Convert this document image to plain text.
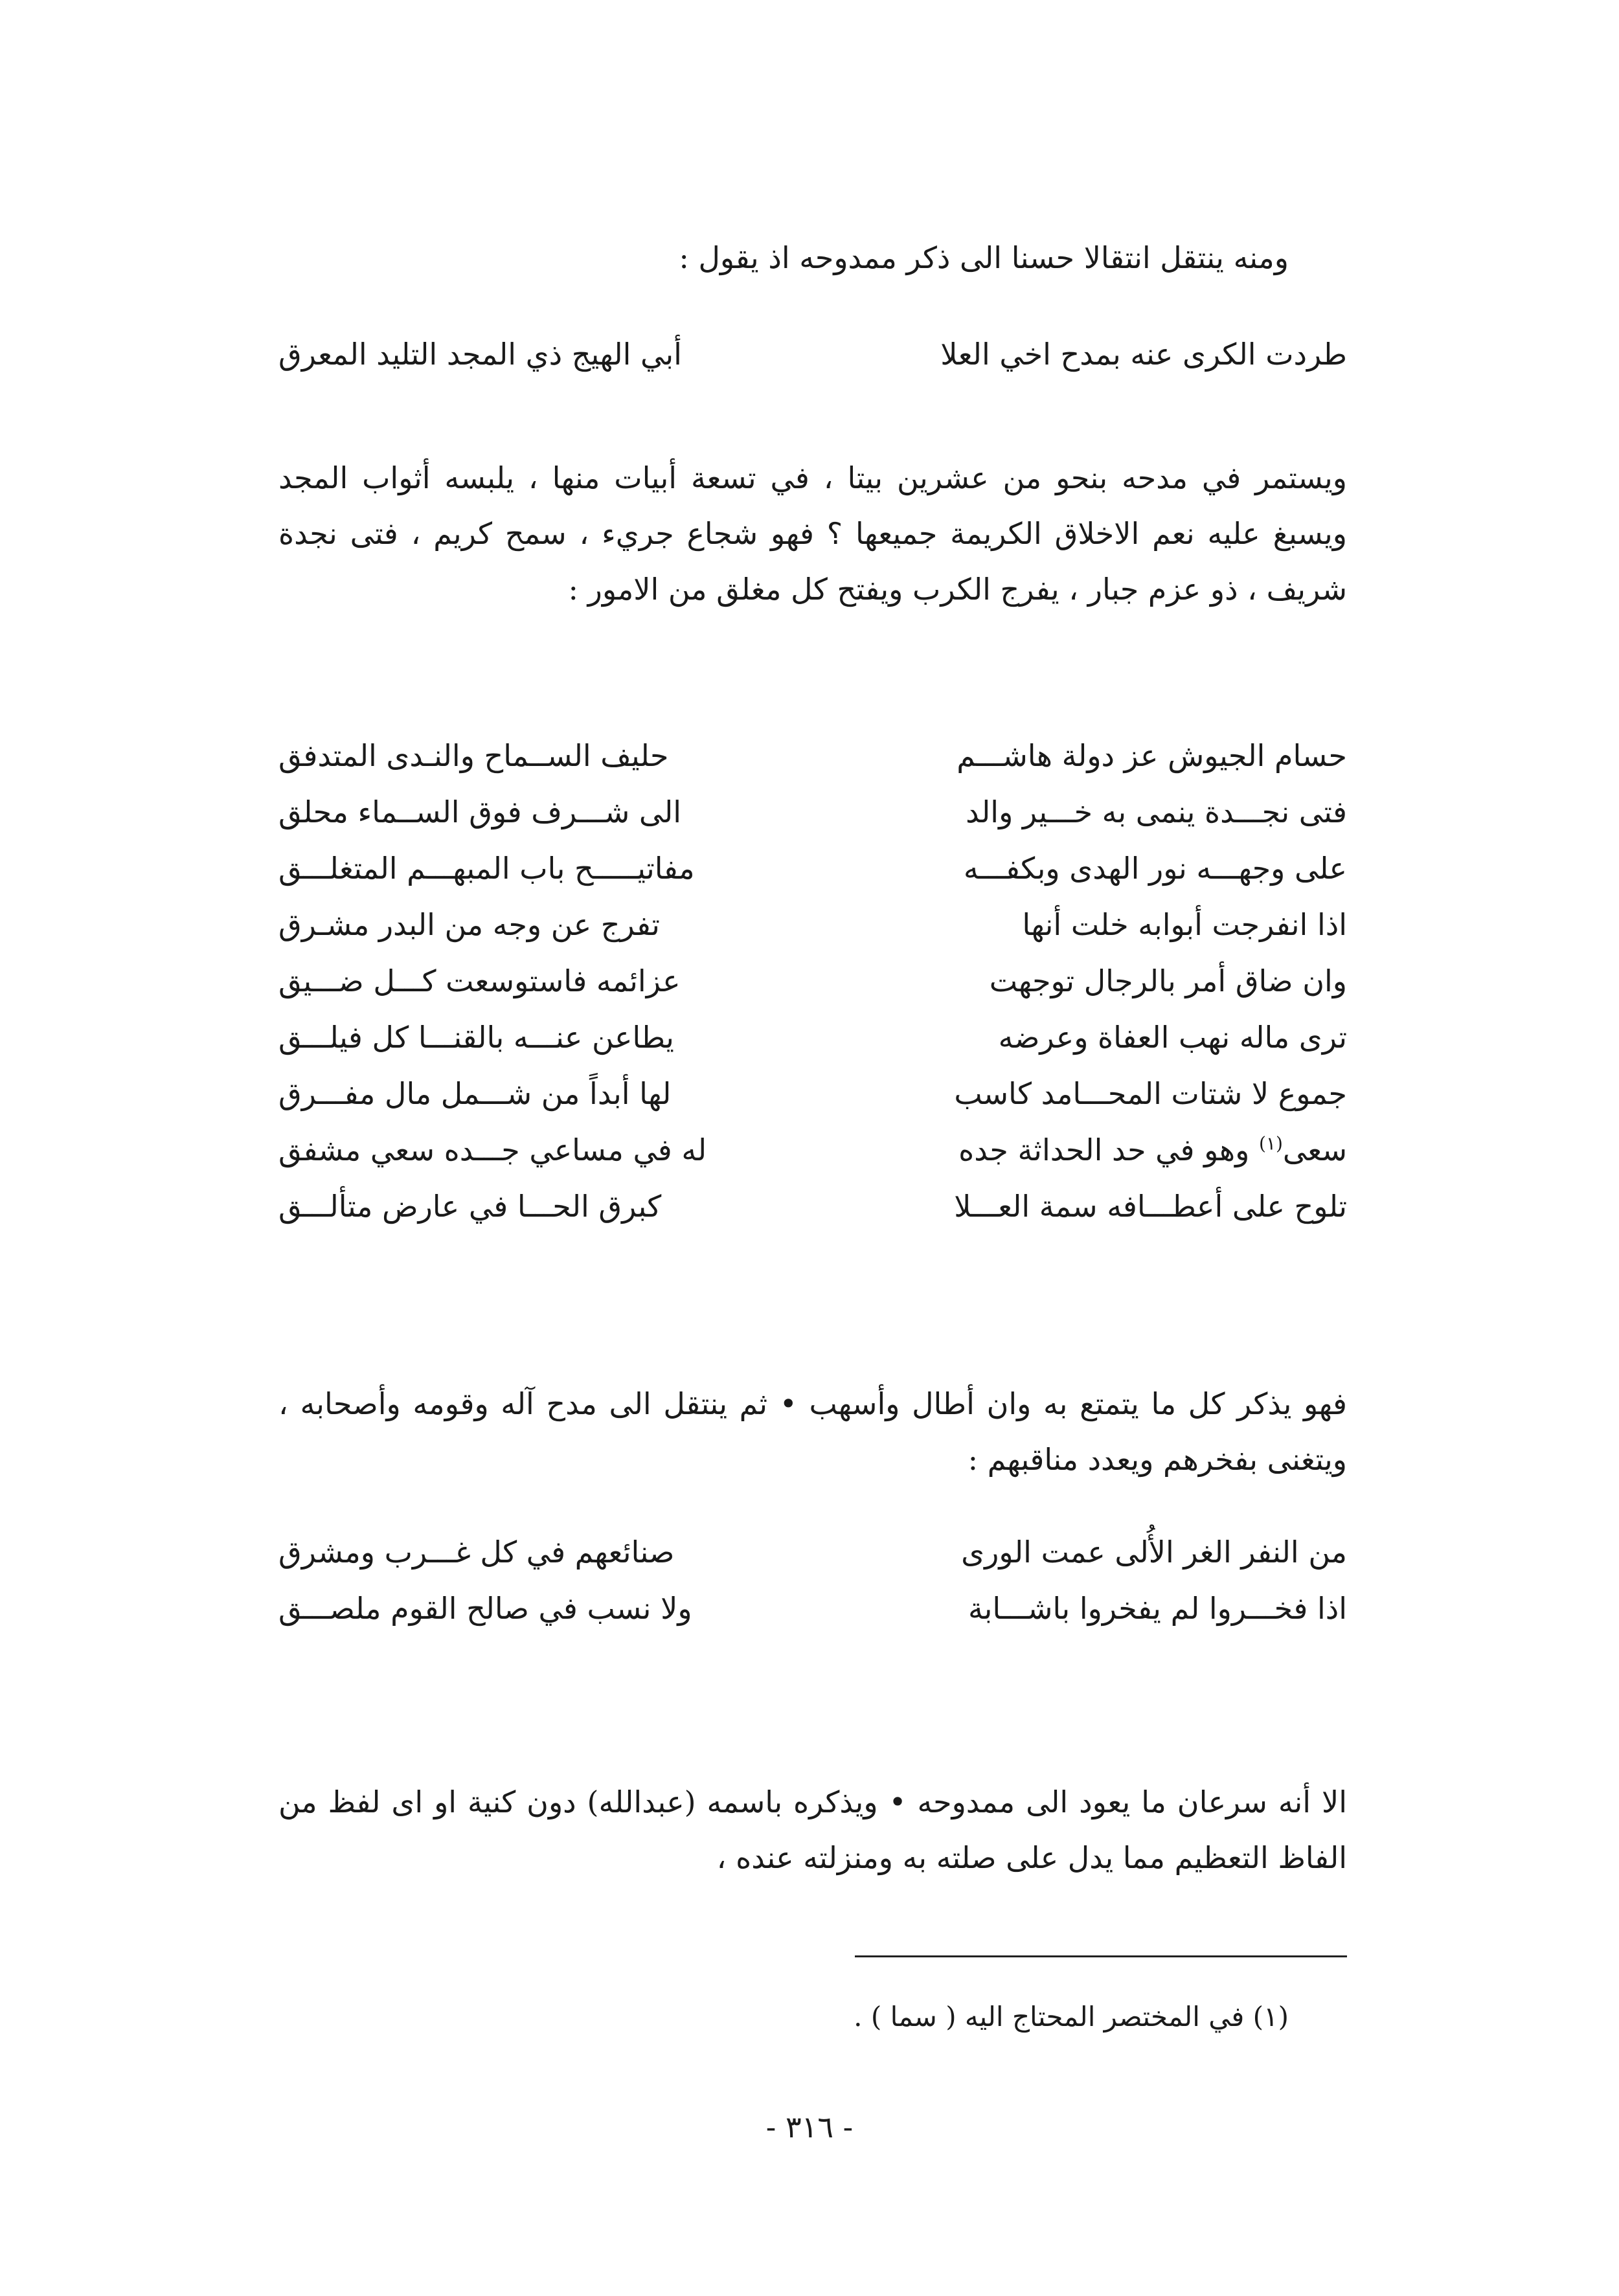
ومنه ينتقل انتقالا حسنا الى ذكر ممدوحه اذ يقول :
طردت الكرى عنه بمدح اخي العلا
أبي الهيج ذي المجد التليد المعرق
ويستمر في مدحه بنحو من عشرين بيتا ، في تسعة أبيات منها ، يلبسه أثواب المجد ويسبغ عليه نعم الاخلاق الكريمة جميعها ؟ فهو شجاع جريء ، سمح كريم ، فتى نجدة شريف ، ذو عزم جبار ، يفرج الكرب ويفتح كل مغلق من الامور :
حسام الجيوش عز دولة هاشـــم
حليف الســماح والنـدى المتدفق
فتى نجـــدة ينمى به خـــير والد
الى شـــرف فوق الســماء محلق
على وجهـــه نور الهدى وبكفـــه
مفاتيـــــح باب المبهـــم المتغلـــق
اذا انفرجت أبوابه خلت أنها
تفرج عن وجه من البدر مشـرق
وان ضاق أمر بالرجال توجهت
عزائمه فاستوسعت كـــل ضـــيق
ترى ماله نهب العفاة وعرضه
يطاعن عنـــه بالقنـــا كل فيلـــق
جموع لا شتات المحـــامد كاسب
لها أبداً من شـــمل مال مفـــرق
سعى$^{(١)}$ وهو في حد الحداثة جده
له في مساعي جـــده سعي مشفق
تلوح على أعطـــافه سمة العـــلا
كبرق الحـــا في عارض متألـــق
فهو يذكر كل ما يتمتع به وان أطال وأسهب • ثم ينتقل الى مدح آله وقومه وأصحابه ، ويتغنى بفخرهم ويعدد مناقبهم :
من النفر الغر الأُلى عمت الورى
صنائعهم في كل غـــرب ومشرق
اذا فخـــروا لم يفخروا باشـــابة
ولا نسب في صالح القوم ملصـــق
الا أنه سرعان ما يعود الى ممدوحه • ويذكره باسمه (عبدالله) دون كنية او اى لفظ من الفاظ التعظيم مما يدل على صلته به ومنزلته عنده ،
(١) في المختصر المحتاج اليه ( سما ) .
- ٣١٦ -
